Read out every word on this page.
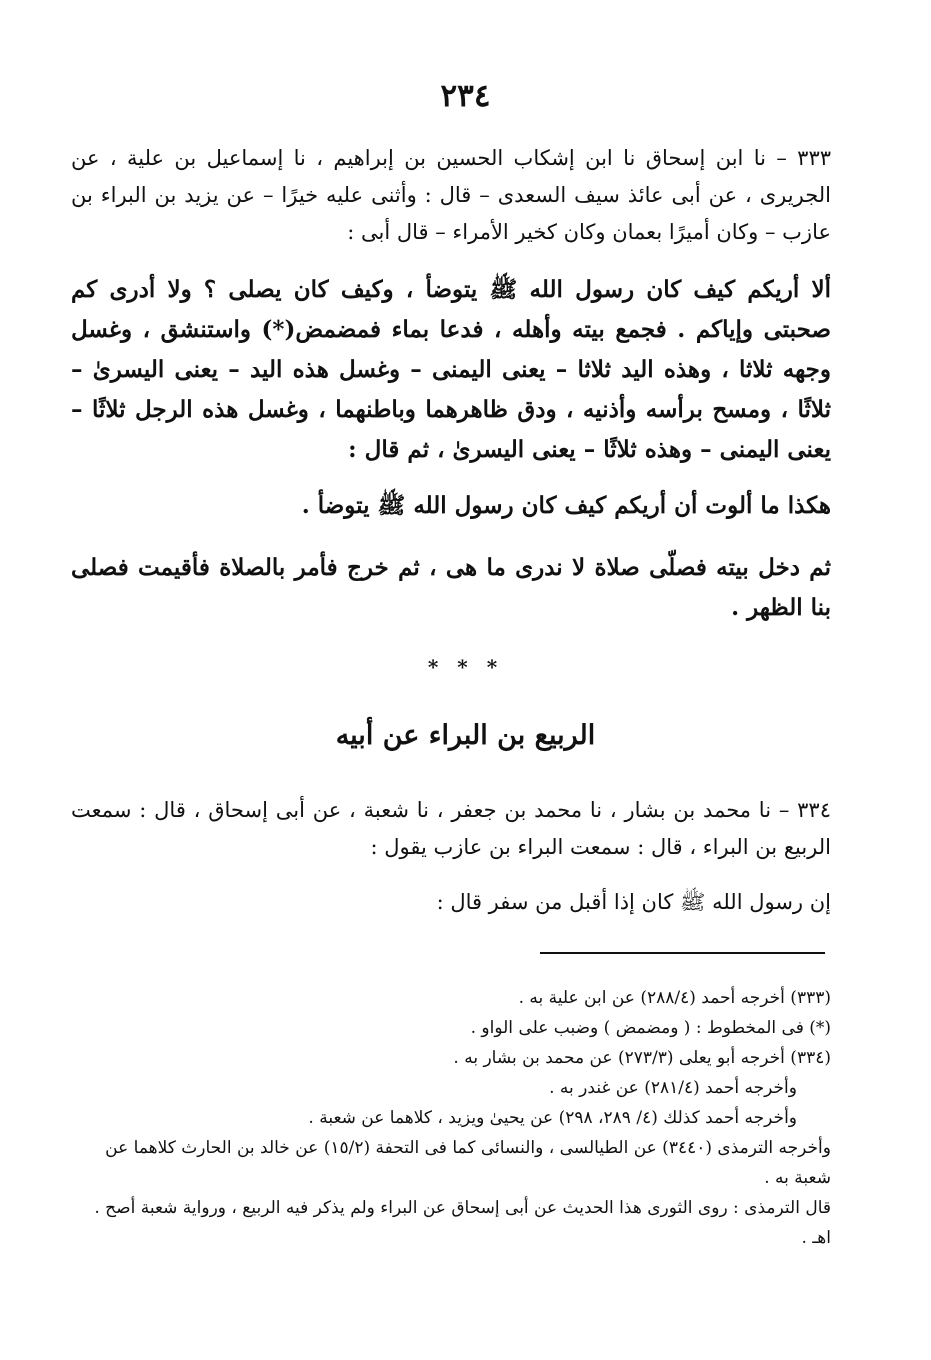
٢٣٤
٣٣٣ – نا ابن إسحاق نا ابن إشكاب الحسين بن إبراهيم ، نا إسماعيل بن علية ، عن الجريرى ، عن أبى عائذ سيف السعدى – قال : وأثنى عليه خيرًا – عن يزيد بن البراء بن عازب – وكان أميرًا بعمان وكان كخير الأمراء – قال أبى :
ألا أريكم كيف كان رسول الله ﷺ يتوضأ ، وكيف كان يصلى ؟ ولا أدرى كم صحبتى وإياكم . فجمع بيته وأهله ، فدعا بماء فمضمض(*) واستنشق ، وغسل وجهه ثلاثا ، وهذه اليد ثلاثا – يعنى اليمنى – وغسل هذه اليد – يعنى اليسرىٰ – ثلاثًا ، ومسح برأسه وأذنيه ، ودق ظاهرهما وباطنهما ، وغسل هذه الرجل ثلاثًا – يعنى اليمنى – وهذه ثلاثًا – يعنى اليسرىٰ ، ثم قال :
هكذا ما ألوت أن أريكم كيف كان رسول الله ﷺ يتوضأ .
ثم دخل بيته فصلّى صلاة لا ندرى ما هى ، ثم خرج فأمر بالصلاة فأقيمت فصلى بنا الظهر .
* * *
الربيع بن البراء عن أبيه
٣٣٤ – نا محمد بن بشار ، نا محمد بن جعفر ، نا شعبة ، عن أبى إسحاق ، قال : سمعت الربيع بن البراء ، قال : سمعت البراء بن عازب يقول :
إن رسول الله ﷺ كان إذا أقبل من سفر قال :
(٣٣٣) أخرجه أحمد (٢٨٨/٤) عن ابن علية به .
(*) فى المخطوط : ( ومضمض ) وضبب على الواو .
(٣٣٤) أخرجه أبو يعلى (٢٧٣/٣) عن محمد بن بشار به .
وأخرجه أحمد (٢٨١/٤) عن غندر به .
وأخرجه أحمد كذلك (٤/ ٢٨٩، ٢٩٨) عن يحيىٰ ويزيد ، كلاهما عن شعبة .
وأخرجه الترمذى (٣٤٤٠) عن الطيالسى ، والنسائى كما فى التحفة (١٥/٢) عن خالد بن الحارث كلاهما عن شعبة به .
قال الترمذى : روى الثورى هذا الحديث عن أبى إسحاق عن البراء ولم يذكر فيه الربيع ، ورواية شعبة أصح . اهـ .
